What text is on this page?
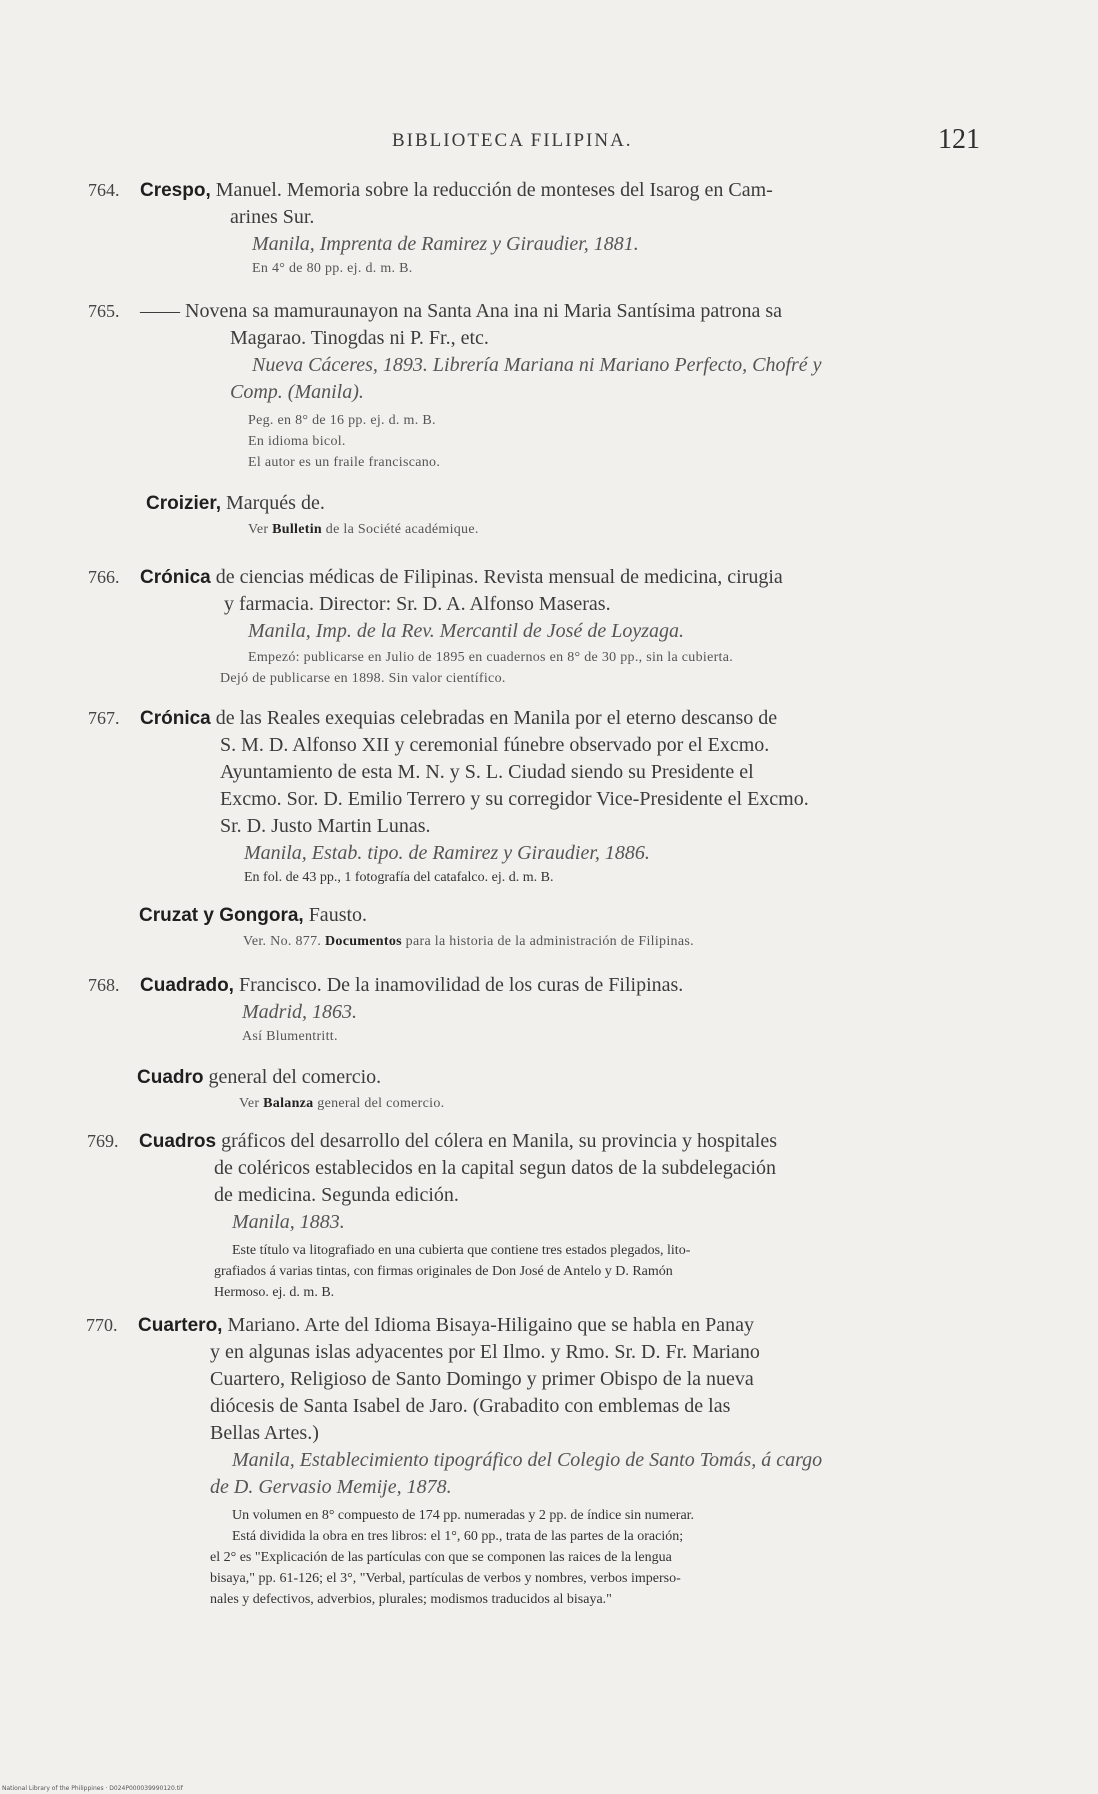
BIBLIOTECA FILIPINA.	121
764. Crespo, Manuel. Memoria sobre la reducción de monteses del Isarog en Cam-
arines Sur.
Manila, Imprenta de Ramirez y Giraudier, 1881.
En 4° de 80 pp. ej. d. m. B.
765. —— Novena sa mamuraunayon na Santa Ana ina ni Maria Santísima patrona sa
Magarao. Tinogdas ni P. Fr., etc.
Nueva Cáceres, 1893. Librería Mariana ni Mariano Perfecto, Chofré y
Comp. (Manila).
Peg. en 8° de 16 pp. ej. d. m. B.
En idioma bicol.
El autor es un fraile franciscano.
Croizier, Marqués de.
Ver Bulletin de la Société académique.
766. Crónica de ciencias médicas de Filipinas. Revista mensual de medicina, cirugia
y farmacia. Director: Sr. D. A. Alfonso Maseras.
Manila, Imp. de la Rev. Mercantil de José de Loyzaga.
Empezó: publicarse en Julio de 1895 en cuadernos en 8° de 30 pp., sin la cubierta.
Dejó de publicarse en 1898. Sin valor científico.
767. Crónica de las Reales exequias celebradas en Manila por el eterno descanso de
S. M. D. Alfonso XII y ceremonial fúnebre observado por el Excmo.
Ayuntamiento de esta M. N. y S. L. Ciudad siendo su Presidente el
Excmo. Sor. D. Emilio Terrero y su corregidor Vice-Presidente el Excmo.
Sr. D. Justo Martin Lunas.
Manila, Estab. tipo. de Ramirez y Giraudier, 1886.
En fol. de 43 pp., 1 fotografía del catafalco. ej. d. m. B.
Cruzat y Gongora, Fausto.
Ver. No. 877. Documentos para la historia de la administración de Filipinas.
768. Cuadrado, Francisco. De la inamovilidad de los curas de Filipinas.
Madrid, 1863.
Así Blumentritt.
Cuadro general del comercio.
Ver Balanza general del comercio.
769. Cuadros gráficos del desarrollo del cólera en Manila, su provincia y hospitales
de coléricos establecidos en la capital segun datos de la subdelegación
de medicina. Segunda edición.
Manila, 1883.
Este título va litografiado en una cubierta que contiene tres estados plegados, lito-
grafiados á varias tintas, con firmas originales de Don José de Antelo y D. Ramón
Hermoso. ej. d. m. B.
770. Cuartero, Mariano. Arte del Idioma Bisaya-Hiligaino que se habla en Panay
y en algunas islas adyacentes por El Ilmo. y Rmo. Sr. D. Fr. Mariano
Cuartero, Religioso de Santo Domingo y primer Obispo de la nueva
diócesis de Santa Isabel de Jaro. (Grabadito con emblemas de las
Bellas Artes.)
Manila, Establecimiento tipográfico del Colegio de Santo Tomás, á cargo
de D. Gervasio Memije, 1878.
Un volumen en 8° compuesto de 174 pp. numeradas y 2 pp. de índice sin numerar.
Está dividida la obra en tres libros: el 1°, 60 pp., trata de las partes de la oración;
el 2° es "Explicación de las partículas con que se componen las raices de la lengua
bisaya," pp. 61-126; el 3°, "Verbal, partículas de verbos y nombres, verbos imperso-
nales y defectivos, adverbios, plurales; modismos traducidos al bisaya."
National Library of the Philippines · D024P000039990120.tif
